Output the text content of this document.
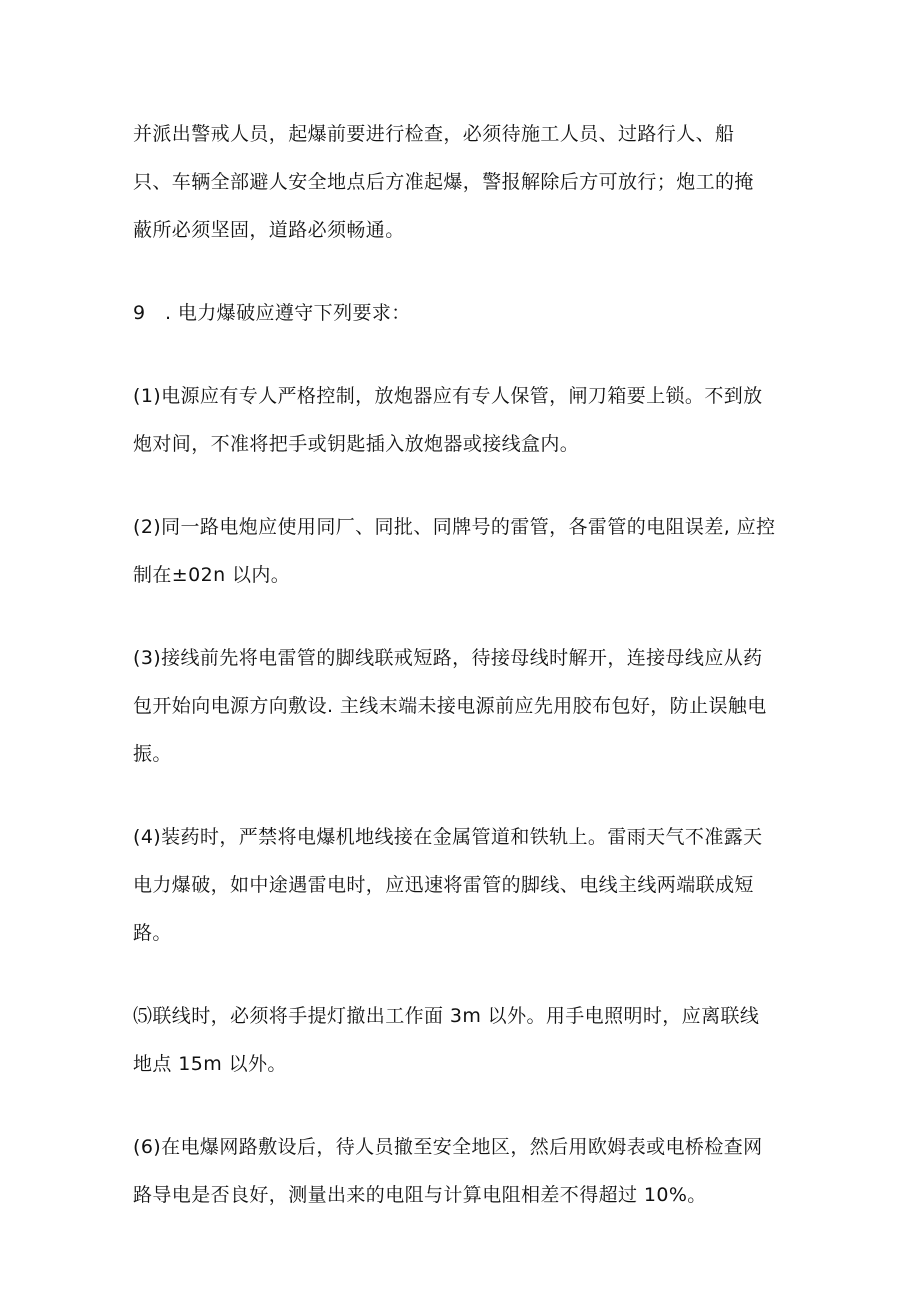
并派出警戒人员，起爆前要进行检查，必须待施工人员、过路行人、船
只、车辆全部避人安全地点后方准起爆，警报解除后方可放行；炮工的掩
蔽所必须坚固，道路必须畅通。

9 . 电力爆破应遵守下列要求：

(1)电源应有专人严格控制，放炮器应有专人保管，闸刀箱要上锁。不到放
炮对间，不准将把手或钥匙插入放炮器或接线盒内。

(2)同一路电炮应使用同厂、同批、同牌号的雷管，各雷管的电阻误差, 应控
制在±02n 以内。

(3)接线前先将电雷管的脚线联戒短路，待接母线时解开，连接母线应从药
包开始向电源方向敷设. 主线末端未接电源前应先用胶布包好，防止误触电
振。

(4)装药时，严禁将电爆机地线接在金属管道和铁轨上。雷雨天气不准露天
电力爆破，如中途遇雷电时，应迅速将雷管的脚线、电线主线两端联成短
路。

⑸联线时，必须将手提灯撤出工作面 3m 以外。用手电照明时，应离联线
地点 15m 以外。

(6)在电爆网路敷设后，待人员撤至安全地区，然后用欧姆表或电桥检查网
路导电是否良好，测量出来的电阻与计算电阻相差不得超过 10%。
